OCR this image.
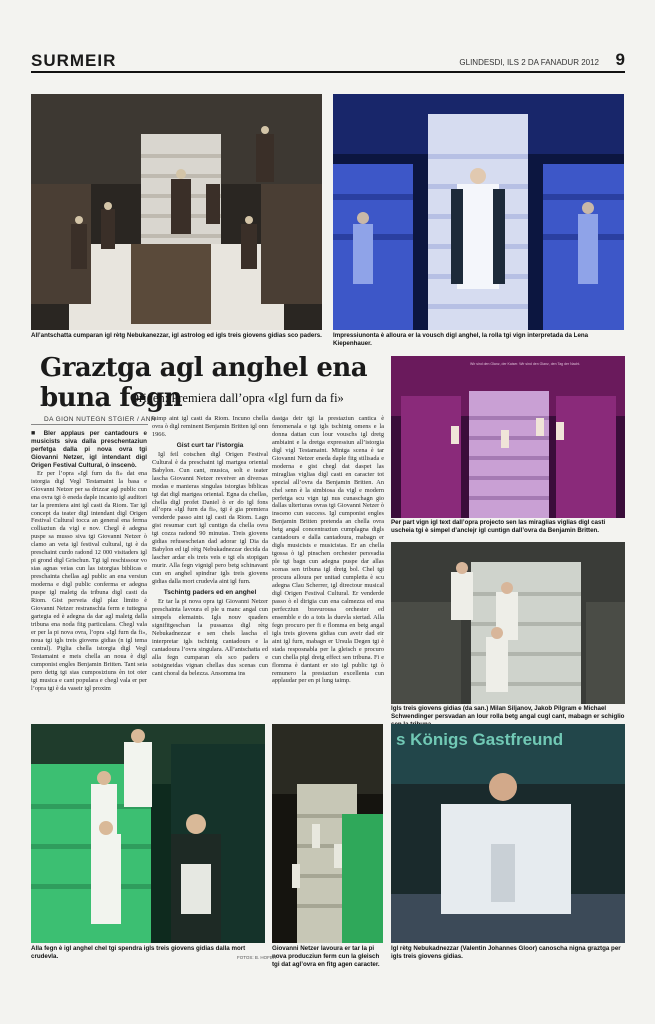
SURMEIR	GLINDESDI, ILS 2 DA FANADUR 2012 9
All’antschatta cumparan igl rètg Nebukanezzar, igl astrolog ed igls treis giovens gidias sco paders.	Impressiunonta è alloura er la vousch digl anghel, la rolla tgi vign interpretada da Lena Kiepenhauer.
Graztga agl anghel ena buna fegn
Origen: Premiera dall’opra «Igl furn da fi»
DA GION NUTEGN STGIER / ANR

■ Bler applaus per cantadours e musicists siva dalla preschentaziun perfetga dalla pi nova ovra tgi Giovanni Netzer, igl intendant digl Origen Festival Cultural, ò inscenò.

Er per l’opra «Igl furn da fi» dat ena istorgia digl Vegl Testamaint la basa e Giovanni Netzer per sa drizzar agl public cun ena ovra tgi ò eneda daple incanto igl auditori tar la premiera aint igl casti da Riom. Tar igl concept da teater digl intendant digl Origen Festival Cultural tocca an general ena ferma colliaziun da vigl e nov. Chegl è adegna puspe sa musso siva tgi Giovanni Netzer ò clamo an veta igl festival cultural, tgi è da preschaint curdo radond 12 000 visitaders igl pi grond digl Grischun. Tgi igl reschissour vo sias agnas veias cun las istorgias biblicas e preschainta chellas agl public an ena versiun moderna e digl public conferma er adegna puspe igl maletg da tribuna digl casti da Riom. Gist perveia digl plaz limito è Giovanni Netzer restranschia ferm e tuttegna gartegia ed è adegna da dar agl maletg dalla tribuna ena noda fitg particulara. Chegl vala er per la pi nova ovra, l’opra «Igl furn da fi», noua tgi igls treis giovens gidias (n igl tema central). Piglia chella istorgia digl Vegl Testamaint e meis chella an noua è digl cumponist engles Benjamin Britten. Tant seia pero dettg tgi sias cumposiziuns èn tot oter tgi musica e cant populara e chegl vala er per l’opra tgi è da vaseir igl proxim

taimp aint igl casti da Riom. Incuno chella ovra ò digl reminent Benjamin Britten igl onn 1966.

Gist curt tar l’istorgia

Igl feil cotschen digl Origen Festival Cultural è da preschaint igl martgea oriental Babylon. Cun cant, musica, solt e teater lascha Giovanni Netzer reveiver an diversas modas e manieras singulas istorgias biblicas tgi dat digl martgea oriental. Egna da chellas, chella digl profet Daniel ò er do igl fons all’opra «Igl furn da fi», tgi è gia premiera venderde passo aint igl casti da Riom. Lagn gist resumar curt igl cuntign da chella ovra tgi cozza radond 90 minutas. Treis giovens gidias refusescheian dad adorar igl Dia da Babylon ed igl rètg Nebukadnezzar decida da lascher ardar els treis veis e tgi els stopigan murir. Alla fegn vignigl pero betg schinavant cun en anghel spindrar igls treis giovens gidias dalla mort crudevla aint igl furn.

Tschintg paders ed en anghel

Er tar la pi nova opra tgi Giovanni Netzer preschainta lavoura el ple u manc angal cun simpels elemaints. Igls nouv quaders signifitgeschan la pussanza digl rètg Nebukadnezzar e sen chels lascha el interpretar igls tschintg cantadours e la cantadoura l’ovra singulara. All’antschatta ed alla fegn cumparan els sco paders e sotsigneidas vignan chellas dus scenas cun cant choral da belezza. Ansomma ins

dastga deir tgi la prestaziun cantica è fenomenala e tgi igls tschintg omens e la donna dattan cun lour vouschs igl dretg ambiaint e la dretga expressiun all’istorgia digl vigl Testamaint. Mintga scena è tar Giovanni Netzer eneda daple fitg stilisada e moderna e gist chegl dat daspet las miraglias viglias digl casti en caracter tot spezial all’ovra da Benjamin Britten. An chel senn è la simbiosa da vigl e modern perfetga scu vign tgi nus cunaschagn gio dallas ulteriuras ovras tgi Giovanni Netzer ò insceno cun success. Igl cumponist engles Benjamin Britten pretenda an chella ovra betg angal concentraziun cumplagna digls cantadours e dalla cantadoura, mabagn er digls musicists e musicistas. Er an chella tgossa ò igl pinschen orchester persvadia ple tgi bagn cun adegna puspe dar allas scenas sen tribuna igl dretg bol. Chel tgi procura alloura per unitad cumpletta è scu adegna Clau Scherrer, igl directour musical digl Origen Festival Cultural. Er venderde passo ò el dirigia cun ena calmezza ed ena perfecziun bravurousa orchester ed ensemble e do a tots la duevla siertad. Alla fegn procuro per fi e flomma en betg angal igls treis giovens gidias cun aveir dad eir aint igl furn, mabagn er Ursula Degen tgi è stada resposnabla per la gleisch e procuro cun chella pigl dretg effect sen tribuna. Fi e flomma è dantant er sto igl public tgi ò remunero la prestaziun excellenta cun applaudar per en pi lung taimp.

Wir sind den Glanz, der Kaiser. Wir sind den Glanz, den Tag der Nacht.
Per part vign igl text dall’opra projecto sen las miraglias viglias digl casti uscheia tgi è simpel d’anclejr igl cuntign dall’ovra da Benjamin Britten.
Igls treis giovens gidias (da san.) Milan Siljanov, Jakob Pilgram e Michael Schwendinger persvadan an lour rolla betg angal cugl cant, mabagn er schiglio
Alla fegn è igl anghel chel tgi spendra igls treis giovens gidias dalla mort crudevla.	FOTOS: B. HOFER
Giovanni Netzer lavoura er tar la pi nova producziun ferm cun la gleisch tgi dat agl’ovra en fitg agen caracter.
s Königs Gastfreund
Igl rètg Nebukadnezzar (Valentin Johannes Gloor) canoscha nigna graztga per igls treis giovens gidias.
